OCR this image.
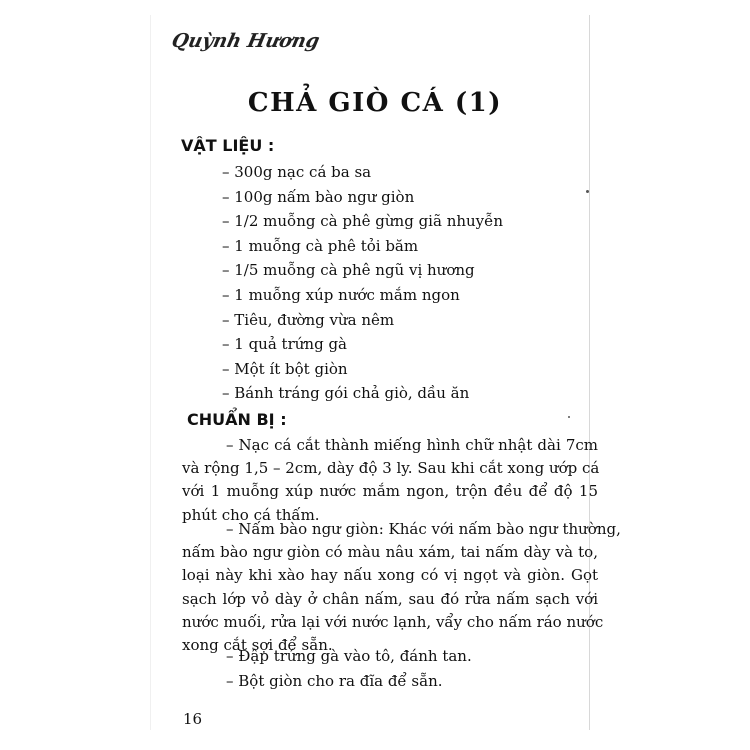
Quỳnh Hương
CHẢ GIÒ CÁ (1)
VẬT LIỆU :
– 300g nạc cá ba sa
– 100g nấm bào ngư giòn
– 1/2 muỗng cà phê gừng giã nhuyễn
– 1 muỗng cà phê tỏi băm
– 1/5 muỗng cà phê ngũ vị hương
– 1 muỗng xúp nước mắm ngon
– Tiêu, đường vừa nêm
– 1 quả trứng gà
– Một ít bột giòn
– Bánh tráng gói chả giò, dầu ăn
CHUẨN BỊ :

– Nạc cá cắt thành miếng hình chữ nhật dài 7cm
và rộng 1,5 – 2cm, dày độ 3 ly. Sau khi cắt xong ướp cá
với 1 muỗng xúp nước mắm ngon, trộn đều để độ 15
phút cho cá thấm.

– Nấm bào ngư giòn: Khác với nấm bào ngư thường,
nấm bào ngư giòn có màu nâu xám, tai nấm dày và to,
loại này khi xào hay nấu xong có vị ngọt và giòn. Gọt
sạch lớp vỏ dày ở chân nấm, sau đó rửa nấm sạch với
nước muối, rửa lại với nước lạnh, vẩy cho nấm ráo nước
xong cắt sợi để sẵn.

– Đập trứng gà vào tô, đánh tan.

– Bột giòn cho ra đĩa để sẵn.

16
